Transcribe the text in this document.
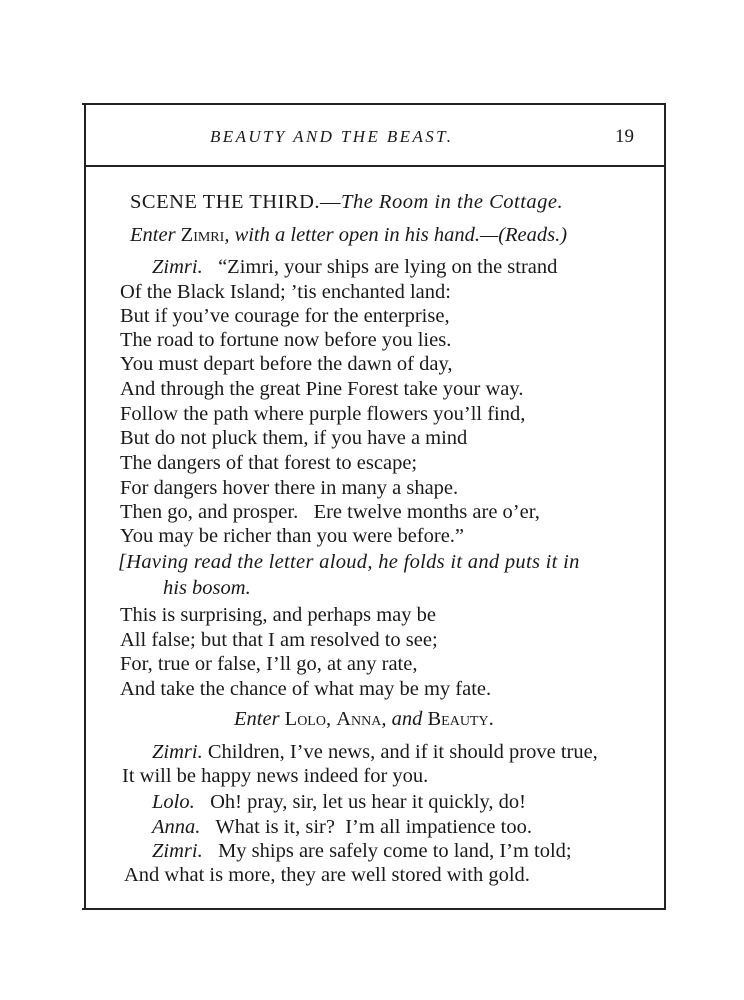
BEAUTY AND THE BEAST.	19
SCENE THE THIRD.—The Room in the Cottage.
Enter Zimri, with a letter open in his hand.—(Reads.)
Zimri. “Zimri, your ships are lying on the strand
Of the Black Island; ’tis enchanted land:
But if you’ve courage for the enterprise,
The road to fortune now before you lies.
You must depart before the dawn of day,
And through the great Pine Forest take your way.
Follow the path where purple flowers you’ll find,
But do not pluck them, if you have a mind
The dangers of that forest to escape;
For dangers hover there in many a shape.
Then go, and prosper.   Ere twelve months are o’er,
You may be richer than you were before.”
[Having read the letter aloud, he folds it and puts it in
his bosom.
This is surprising, and perhaps may be
All false; but that I am resolved to see;
For, true or false, I’ll go, at any rate,
And take the chance of what may be my fate.
Enter Lolo, Anna, and Beauty.
Zimri. Children, I’ve news, and if it should prove true,
It will be happy news indeed for you.
Lolo. Oh! pray, sir, let us hear it quickly, do!
Anna. What is it, sir?  I’m all impatience too.
Zimri. My ships are safely come to land, I’m told;
And what is more, they are well stored with gold.
